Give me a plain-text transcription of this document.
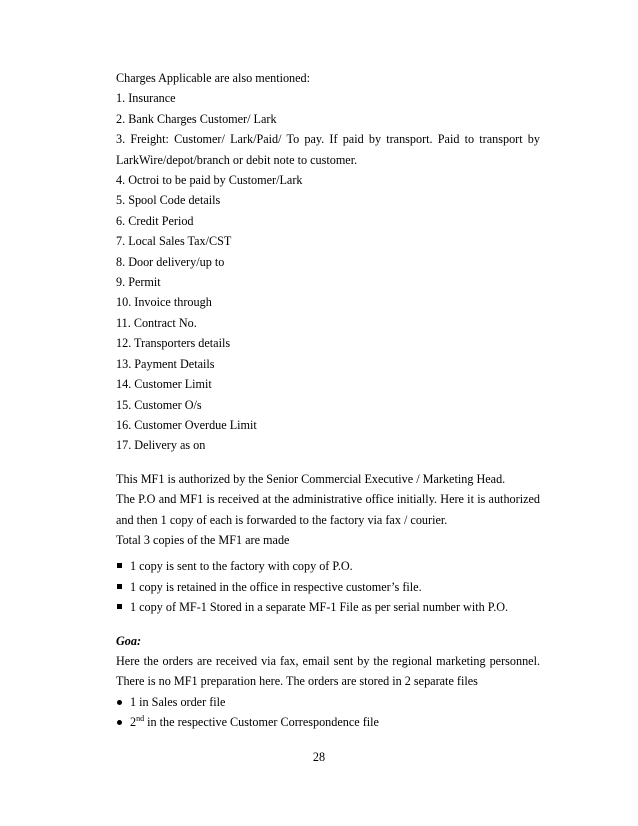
Charges Applicable are also mentioned:
1. Insurance
2. Bank Charges Customer/ Lark
3. Freight: Customer/ Lark/Paid/ To pay. If paid by transport. Paid to transport by
LarkWire/depot/branch or debit note to customer.
4. Octroi to be paid by Customer/Lark
5. Spool Code details
6. Credit Period
7. Local Sales Tax/CST
8. Door delivery/up to
9. Permit
10. Invoice through
11. Contract No.
12. Transporters details
13. Payment Details
14. Customer Limit
15. Customer O/s
16. Customer Overdue Limit
17. Delivery as on
This MF1 is authorized by the Senior Commercial Executive / Marketing Head.
The P.O and MF1 is received at the administrative office initially. Here it is authorized
and then 1 copy of each is forwarded to the factory via fax / courier.
Total 3 copies of the MF1 are made
1 copy is sent to the factory with copy of P.O.
1 copy is retained in the office in respective customer’s file.
1 copy of MF-1 Stored in a separate MF-1 File as per serial number with P.O.
Goa:
Here the orders are received via fax, email sent by the regional marketing personnel.
There is no MF1 preparation here. The orders are stored in 2 separate files
1 in Sales order file
2nd in the respective Customer Correspondence file
28
